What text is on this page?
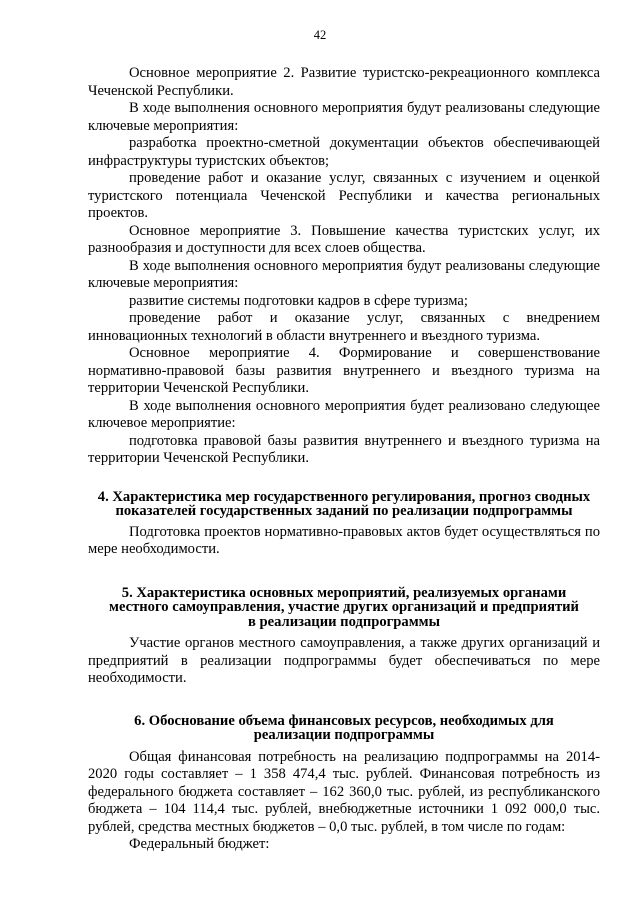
42

Основное мероприятие 2. Развитие туристско-рекреационного комплекса Чеченской Республики.

В ходе выполнения основного мероприятия будут реализованы следующие ключевые мероприятия:

разработка проектно-сметной документации объектов обеспечивающей инфраструктуры туристских объектов;

проведение работ и оказание услуг, связанных с изучением и оценкой туристского потенциала Чеченской Республики и качества региональных проектов.

Основное мероприятие 3. Повышение качества туристских услуг, их разнообразия и доступности для всех слоев общества.

В ходе выполнения основного мероприятия будут реализованы следующие ключевые мероприятия:

развитие системы подготовки кадров в сфере туризма;

проведение работ и оказание услуг, связанных с внедрением инновационных технологий в области внутреннего и въездного туризма.

Основное мероприятие 4. Формирование и совершенствование нормативно-правовой базы развития внутреннего и въездного туризма на территории Чеченской Республики.

В ходе выполнения основного мероприятия будет реализовано следующее ключевое мероприятие:

подготовка правовой базы развития внутреннего и въездного туризма на территории Чеченской Республики.

4. Характеристика мер государственного регулирования, прогноз сводных
показателей государственных заданий по реализации подпрограммы

Подготовка проектов нормативно-правовых актов будет осуществляться по мере необходимости.

5. Характеристика основных мероприятий, реализуемых органами
местного самоуправления, участие других организаций и предприятий
в реализации подпрограммы

Участие органов местного самоуправления, а также других организаций и предприятий в реализации подпрограммы будет обеспечиваться по мере необходимости.

6. Обоснование объема финансовых ресурсов, необходимых для
реализации подпрограммы

Общая финансовая потребность на реализацию подпрограммы на 2014-2020 годы составляет – 1 358 474,4 тыс. рублей. Финансовая потребность из федерального бюджета составляет – 162 360,0 тыс. рублей, из республиканского бюджета – 104 114,4 тыс. рублей, внебюджетные источники 1 092 000,0 тыс. рублей, средства местных бюджетов – 0,0 тыс. рублей, в том числе по годам:

Федеральный бюджет:
